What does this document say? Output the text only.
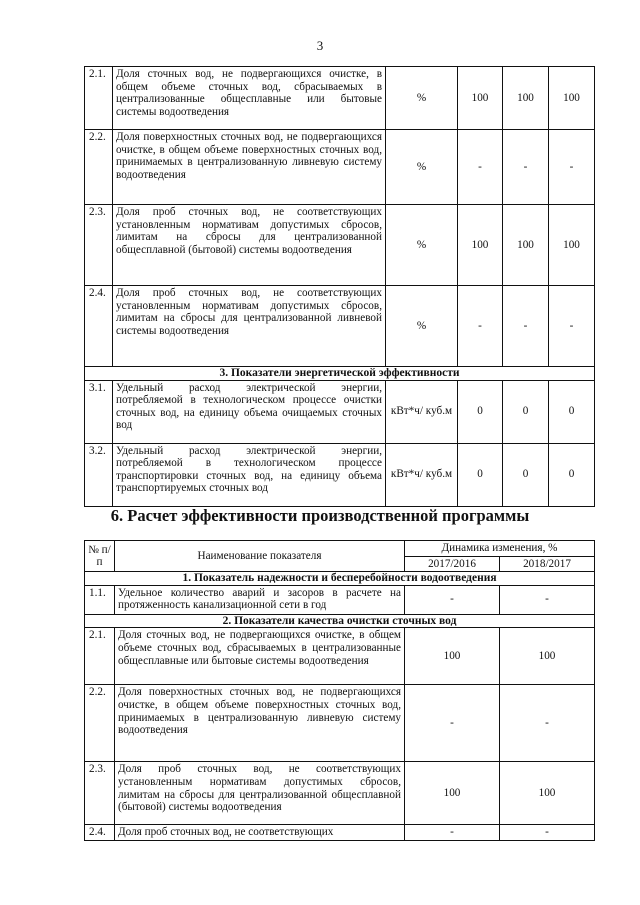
3
2.1.	Доля сточных вод, не подвергающихся очистке, в общем объеме сточных вод, сбрасываемых в централизованные общесплавные или бытовые системы водоотведения	%	100	100	100
2.2.	Доля поверхностных сточных вод, не подвергающихся очистке, в общем объеме поверхностных сточных вод, принимаемых в централизованную ливневую систему водоотведения	%	-	-	-
2.3.	Доля проб сточных вод, не соответствующих установленным нормативам допустимых сбросов, лимитам на сбросы для централизованной общесплавной (бытовой) системы водоотведения	%	100	100	100
2.4.	Доля проб сточных вод, не соответствующих установленным нормативам допустимых сбросов, лимитам на сбросы для централизованной ливневой системы водоотведения	%	-	-	-
3. Показатели энергетической эффективности					
3.1.	Удельный расход электрической энергии, потребляемой в технологическом процессе очистки сточных вод, на единицу объема очищаемых сточных вод	кВт*ч/ куб.м	0	0	0
3.2.	Удельный расход электрической энергии, потребляемой в технологическом процессе транспортировки сточных вод, на единицу объема транспортируемых сточных вод	кВт*ч/ куб.м	0	0	0
6. Расчет эффективности производственной программы
№ п/п	Наименование показателя	Динамика изменения, %	
		2017/2016	2018/2017
1. Показатель надежности и бесперебойности водоотведения			
1.1.	Удельное количество аварий и засоров в расчете на протяженность канализационной сети в год	-	-
2. Показатели качества очистки сточных вод			
2.1.	Доля сточных вод, не подвергающихся очистке, в общем объеме сточных вод, сбрасываемых в централизованные общесплавные или бытовые системы водоотведения	100	100
2.2.	Доля поверхностных сточных вод, не подвергающихся очистке, в общем объеме поверхностных сточных вод, принимаемых в централизованную ливневую систему водоотведения	-	-
2.3.	Доля проб сточных вод, не соответствующих установленным нормативам допустимых сбросов, лимитам на сбросы для централизованной общесплавной (бытовой) системы водоотведения	100	100
2.4.	Доля проб сточных вод, не соответствующих	-	-
